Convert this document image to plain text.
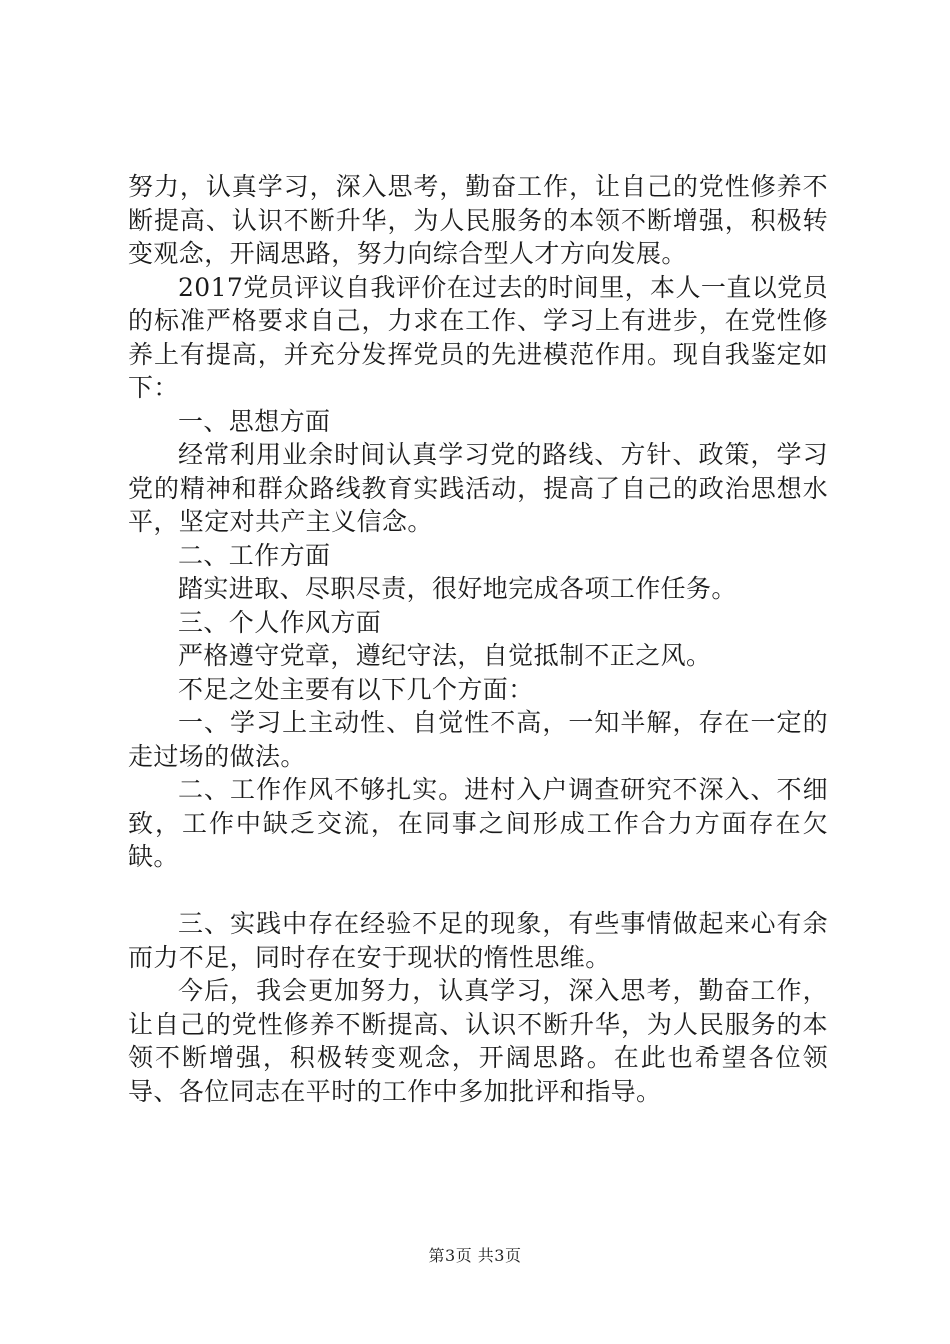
努力，认真学习，深入思考，勤奋工作，让自己的党性修养不断提高、认识不断升华，为人民服务的本领不断增强，积极转变观念，开阔思路，努力向综合型人才方向发展。

2017党员评议自我评价在过去的时间里，本人一直以党员的标准严格要求自己，力求在工作、学习上有进步，在党性修养上有提高，并充分发挥党员的先进模范作用。现自我鉴定如下：

一、思想方面

经常利用业余时间认真学习党的路线、方针、政策，学习党的精神和群众路线教育实践活动，提高了自己的政治思想水平，坚定对共产主义信念。

二、工作方面

踏实进取、尽职尽责，很好地完成各项工作任务。

三、个人作风方面

严格遵守党章，遵纪守法，自觉抵制不正之风。

不足之处主要有以下几个方面：

一、学习上主动性、自觉性不高，一知半解，存在一定的走过场的做法。

二、工作作风不够扎实。进村入户调查研究不深入、不细致，工作中缺乏交流，在同事之间形成工作合力方面存在欠缺。

三、实践中存在经验不足的现象，有些事情做起来心有余而力不足，同时存在安于现状的惰性思维。

今后，我会更加努力，认真学习，深入思考，勤奋工作，让自己的党性修养不断提高、认识不断升华，为人民服务的本领不断增强，积极转变观念，开阔思路。在此也希望各位领导、各位同志在平时的工作中多加批评和指导。

第3页 共3页
